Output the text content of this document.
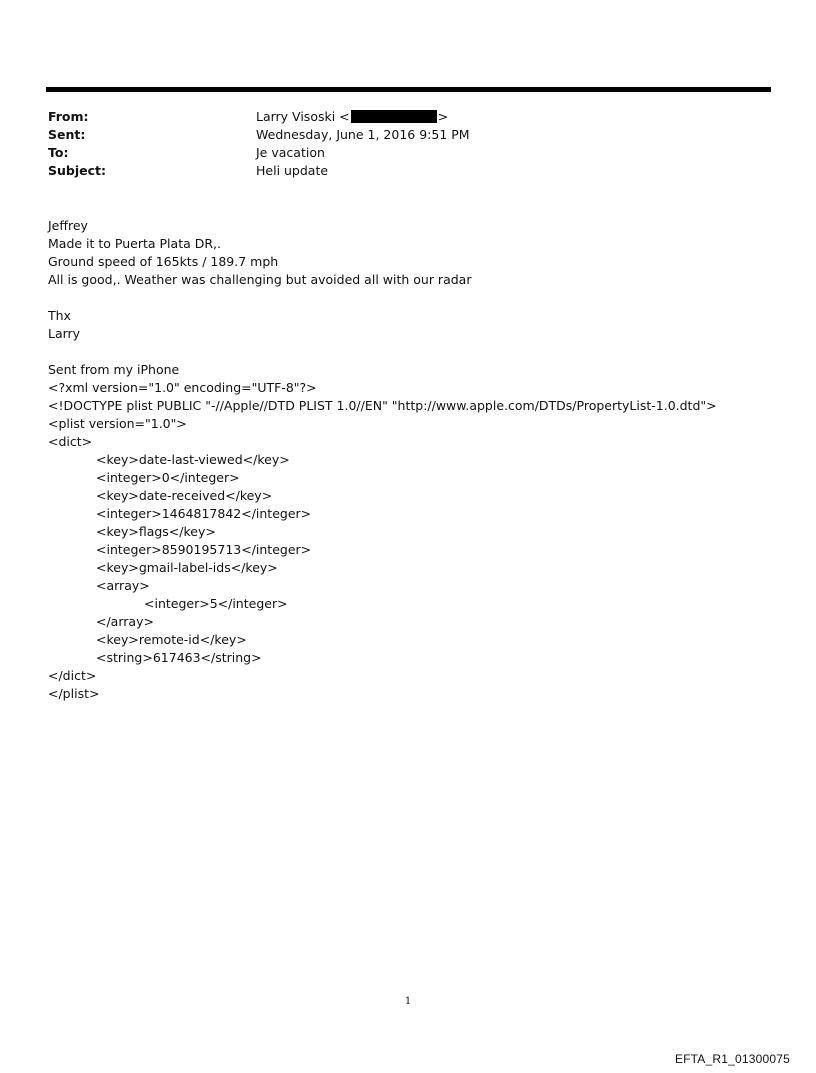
From:	Larry Visoski <	>
Sent:	Wednesday, June 1, 2016 9:51 PM
To:	Je vacation
Subject:	Heli update
Jeffrey
Made it to Puerta Plata DR,.
Ground speed of 165kts / 189.7 mph
All is good,. Weather was challenging but avoided all with our radar
Thx
Larry
Sent from my iPhone
<?xml version="1.0" encoding="UTF-8"?>
<!DOCTYPE plist PUBLIC "-//Apple//DTD PLIST 1.0//EN" "http://www.apple.com/DTDs/PropertyList-1.0.dtd">
<plist version="1.0">
<dict>
<key>date-last-viewed</key>
<integer>0</integer>
<key>date-received</key>
<integer>1464817842</integer>
<key>flags</key>
<integer>8590195713</integer>
<key>gmail-label-ids</key>
<array>
<integer>5</integer>
</array>
<key>remote-id</key>
<string>617463</string>
</dict>
</plist>
1
EFTA_R1_01300075
